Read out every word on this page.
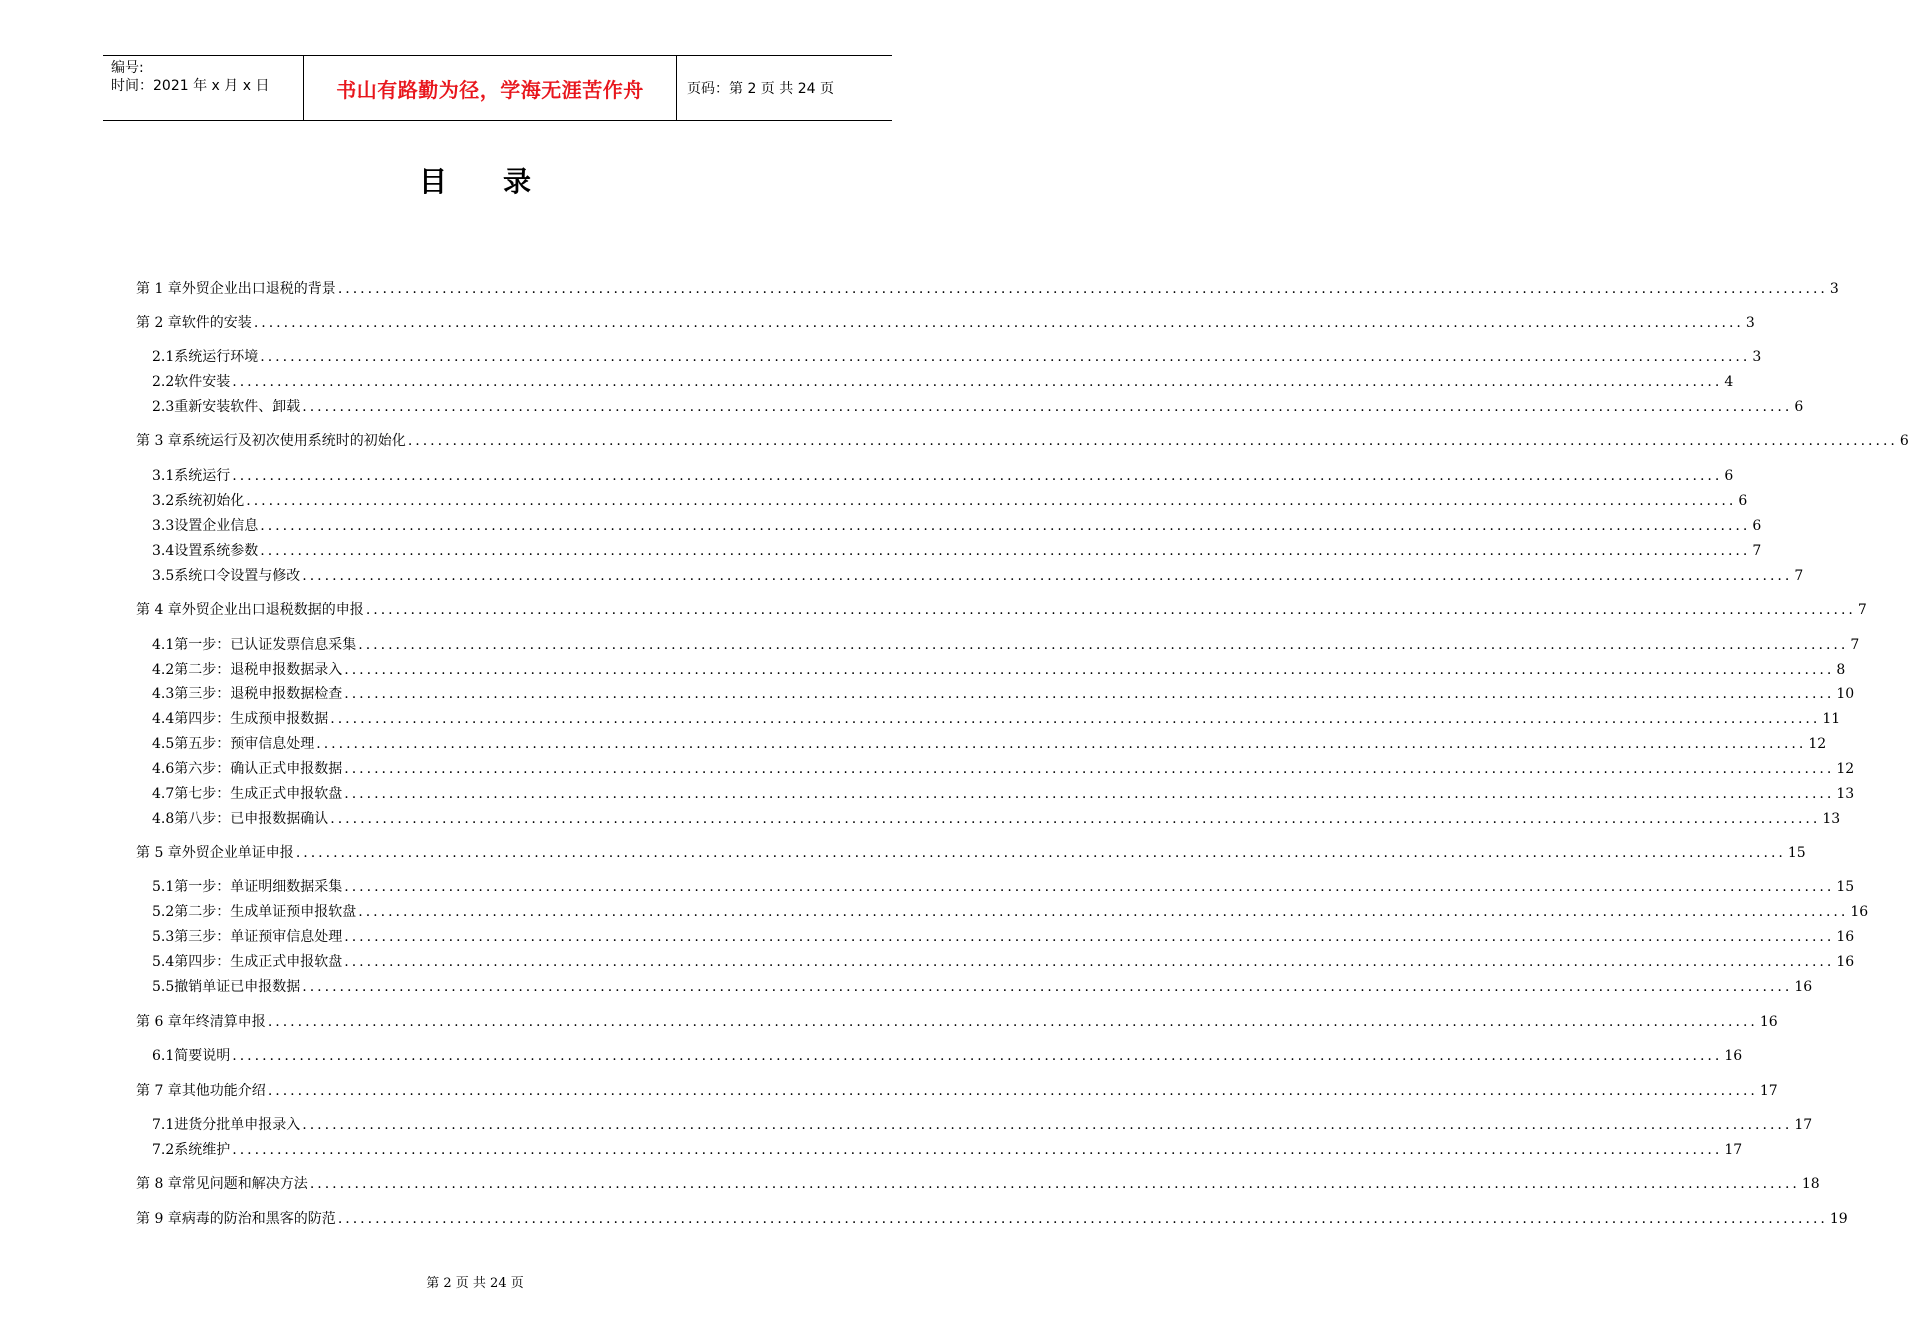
编号:
时间：2021 年 x 月 x 日	书山有路勤为径，学海无涯苦作舟	页码：第 2 页 共 24 页
目　　录
第 1 章 外贸企业出口退税的背景 ........................................................................................................................................................................................................ 3
第 2 章 软件的安装 ........................................................................................................................................................................................................ 3
2.1 系统运行环境 ........................................................................................................................................................................................................ 3
2.2 软件安装 ........................................................................................................................................................................................................ 4
2.3 重新安装软件、卸载 ........................................................................................................................................................................................................ 6
第 3 章 系统运行及初次使用系统时的初始化 ........................................................................................................................................................................................................ 6
3.1 系统运行 ........................................................................................................................................................................................................ 6
3.2 系统初始化 ........................................................................................................................................................................................................ 6
3.3 设置企业信息 ........................................................................................................................................................................................................ 6
3.4 设置系统参数 ........................................................................................................................................................................................................ 7
3.5 系统口令设置与修改 ........................................................................................................................................................................................................ 7
第 4 章 外贸企业出口退税数据的申报 ........................................................................................................................................................................................................ 7
4.1 第一步：已认证发票信息采集 ........................................................................................................................................................................................................ 7
4.2 第二步：退税申报数据录入 ........................................................................................................................................................................................................ 8
4.3 第三步：退税申报数据检查 ........................................................................................................................................................................................................ 10
4.4 第四步：生成预申报数据 ........................................................................................................................................................................................................ 11
4.5 第五步：预审信息处理 ........................................................................................................................................................................................................ 12
4.6 第六步：确认正式申报数据 ........................................................................................................................................................................................................ 12
4.7 第七步：生成正式申报软盘 ........................................................................................................................................................................................................ 13
4.8 第八步：已申报数据确认 ........................................................................................................................................................................................................ 13
第 5 章 外贸企业单证申报 ........................................................................................................................................................................................................ 15
5.1 第一步：单证明细数据采集 ........................................................................................................................................................................................................ 15
5.2 第二步：生成单证预申报软盘 ........................................................................................................................................................................................................ 16
5.3 第三步：单证预审信息处理 ........................................................................................................................................................................................................ 16
5.4 第四步：生成正式申报软盘 ........................................................................................................................................................................................................ 16
5.5 撤销单证已申报数据 ........................................................................................................................................................................................................ 16
第 6 章 年终清算申报 ........................................................................................................................................................................................................ 16
6.1 简要说明 ........................................................................................................................................................................................................ 16
第 7 章 其他功能介绍 ........................................................................................................................................................................................................ 17
7.1 进货分批单申报录入 ........................................................................................................................................................................................................ 17
7.2 系统维护 ........................................................................................................................................................................................................ 17
第 8 章 常见问题和解决方法 ........................................................................................................................................................................................................ 18
第 9 章 病毒的防治和黑客的防范 ........................................................................................................................................................................................................ 19
第 2 页 共 24 页
